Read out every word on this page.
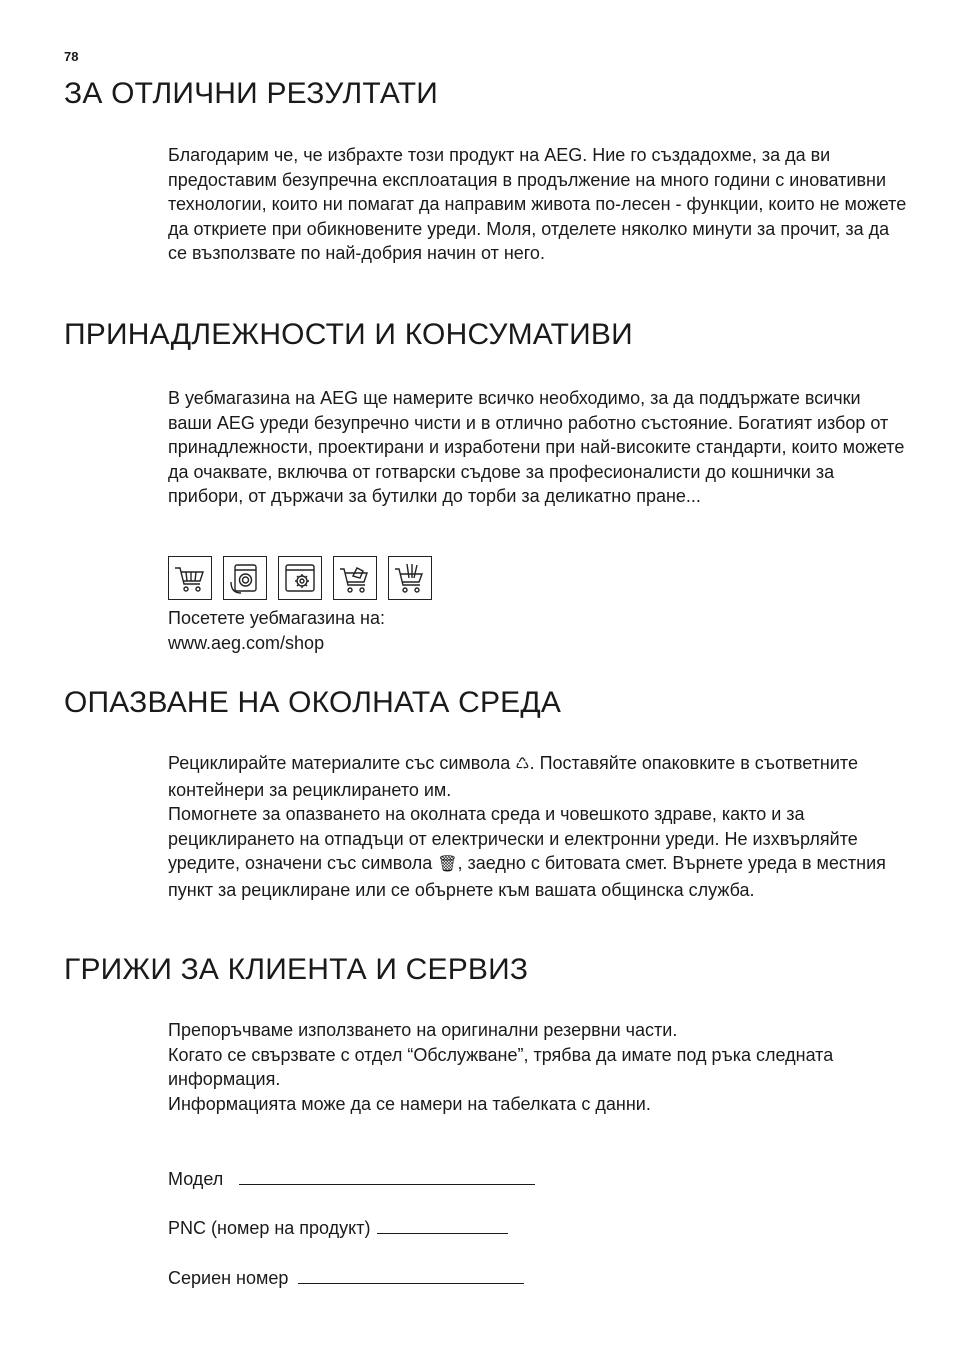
78
ЗА ОТЛИЧНИ РЕЗУЛТАТИ

Благодарим че, че избрахте този продукт на AEG. Ние го създадохме, за да ви предоставим безупречна експлоатация в продължение на много години с иновативни технологии, които ни помагат да направим живота по-лесен - функции, които не можете да откриете при обикновените уреди. Моля, отделете няколко минути за прочит, за да се възползвате по най-добрия начин от него.

ПРИНАДЛЕЖНОСТИ И КОНСУМАТИВИ

В уебмагазина на AEG ще намерите всичко необходимо, за да поддържате всички ваши AEG уреди безупречно чисти и в отлично работно състояние. Богатият избор от принадлежности, проектирани и изработени при най-високите стандарти, които можете да очаквате, включва от готварски съдове за професионалисти до кошнички за прибори, от държачи за бутилки до торби за деликатно пране...

Посетете уебмагазина на:

www.aeg.com/shop

ОПАЗВАНЕ НА ОКОЛНАТА СРЕДА

Рециклирайте материалите със символа ♺. Поставяйте опаковките в съответните контейнери за рециклирането им.

Помогнете за опазването на околната среда и човешкото здраве, както и за рециклирането на отпадъци от електрически и електронни уреди. Не изхвърляйте уредите, означени със символа 🗑, заедно с битовата смет. Върнете уреда в местния пункт за рециклиране или се обърнете към вашата общинска служба.

ГРИЖИ ЗА КЛИЕНТА И СЕРВИЗ

Препоръчваме използването на оригинални резервни части.

Когато се свързвате с отдел “Обслужване”, трябва да имате под ръка следната информация.

Информацията може да се намери на табелката с данни.

Модел
PNC (номер на продукт)
Сериен номер
